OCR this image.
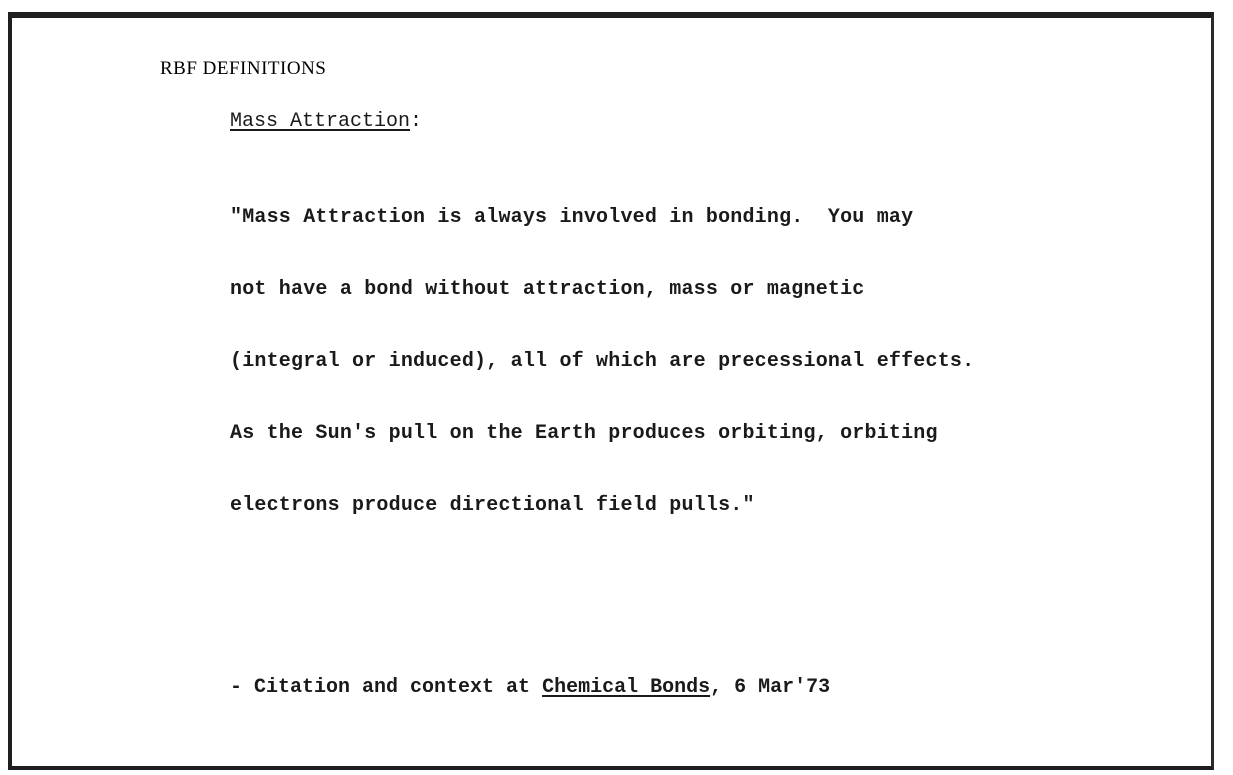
RBF DEFINITIONS
Mass Attraction:

"Mass Attraction is always involved in bonding.  You may

not have a bond without attraction, mass or magnetic

(integral or induced), all of which are precessional effects.

As the Sun's pull on the Earth produces orbiting, orbiting

electrons produce directional field pulls."

- Citation and context at Chemical Bonds, 6 Mar'73
